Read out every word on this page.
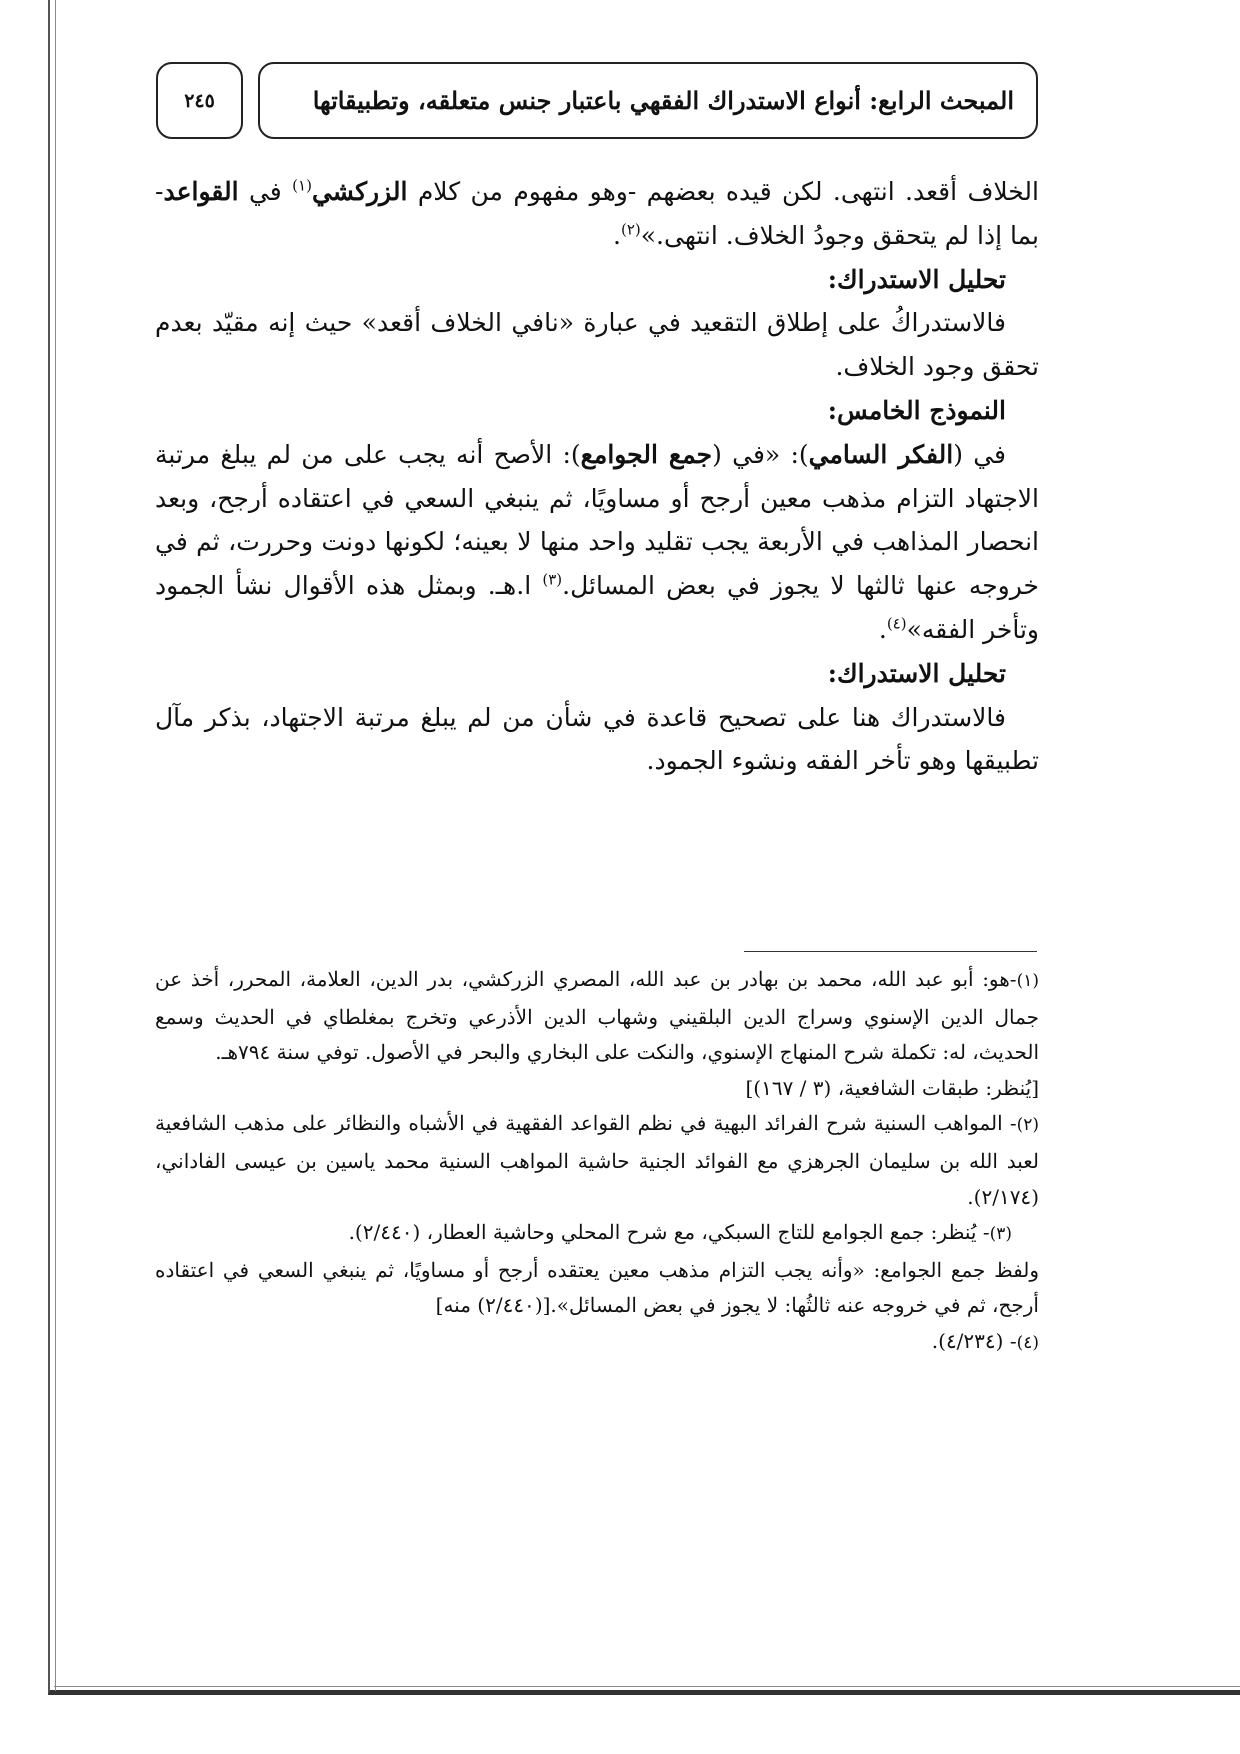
٢٤٥	المبحث الرابع: أنواع الاستدراك الفقهي باعتبار جنس متعلقه، وتطبيقاتها

الخلاف أقعد. انتهى. لكن قيده بعضهم -وهو مفهوم من كلام الزركشي$^{(١)}$ في القواعد- بما إذا لم يتحقق وجودُ الخلاف. انتهى.»$^{(٢)}$.

تحليل الاستدراك:

فالاستدراكُ على إطلاق التقعيد في عبارة «نافي الخلاف أقعد» حيث إنه مقيّد بعدم تحقق وجود الخلاف.

النموذج الخامس:

في (الفكر السامي): «في (جمع الجوامع): الأصح أنه يجب على من لم يبلغ مرتبة الاجتهاد التزام مذهب معين أرجح أو مساويًا، ثم ينبغي السعي في اعتقاده أرجح، وبعد انحصار المذاهب في الأربعة يجب تقليد واحد منها لا بعينه؛ لكونها دونت وحررت، ثم في خروجه عنها ثالثها لا يجوز في بعض المسائل.$^{(٣)}$ ا.هـ. وبمثل هذه الأقوال نشأ الجمود وتأخر الفقه»$^{(٤)}$.

تحليل الاستدراك:

فالاستدراك هنا على تصحيح قاعدة في شأن من لم يبلغ مرتبة الاجتهاد، بذكر مآل تطبيقها وهو تأخر الفقه ونشوء الجمود.

(١)-هو: أبو عبد الله، محمد بن بهادر بن عبد الله، المصري الزركشي، بدر الدين، العلامة، المحرر، أخذ عن جمال الدين الإسنوي وسراج الدين البلقيني وشهاب الدين الأذرعي وتخرج بمغلطاي في الحديث وسمع الحديث، له: تكملة شرح المنهاج الإسنوي، والنكت على البخاري والبحر في الأصول. توفي سنة ٧٩٤هـ.

[يُنظر: طبقات الشافعية، (٣ / ١٦٧)]

(٢)- المواهب السنية شرح الفرائد البهية في نظم القواعد الفقهية في الأشباه والنظائر على مذهب الشافعية لعبد الله بن سليمان الجرهزي مع الفوائد الجنية حاشية المواهب السنية محمد ياسين بن عيسى الفاداني، (٢/١٧٤).

(٣)- يُنظر: جمع الجوامع للتاج السبكي، مع شرح المحلي وحاشية العطار، (٢/٤٤٠).

ولفظ جمع الجوامع: «وأنه يجب التزام مذهب معين يعتقده أرجح أو مساويًا، ثم ينبغي السعي في اعتقاده أرجح، ثم في خروجه عنه ثالثُها: لا يجوز في بعض المسائل».[(٢/٤٤٠) منه]

(٤)- (٤/٢٣٤).
